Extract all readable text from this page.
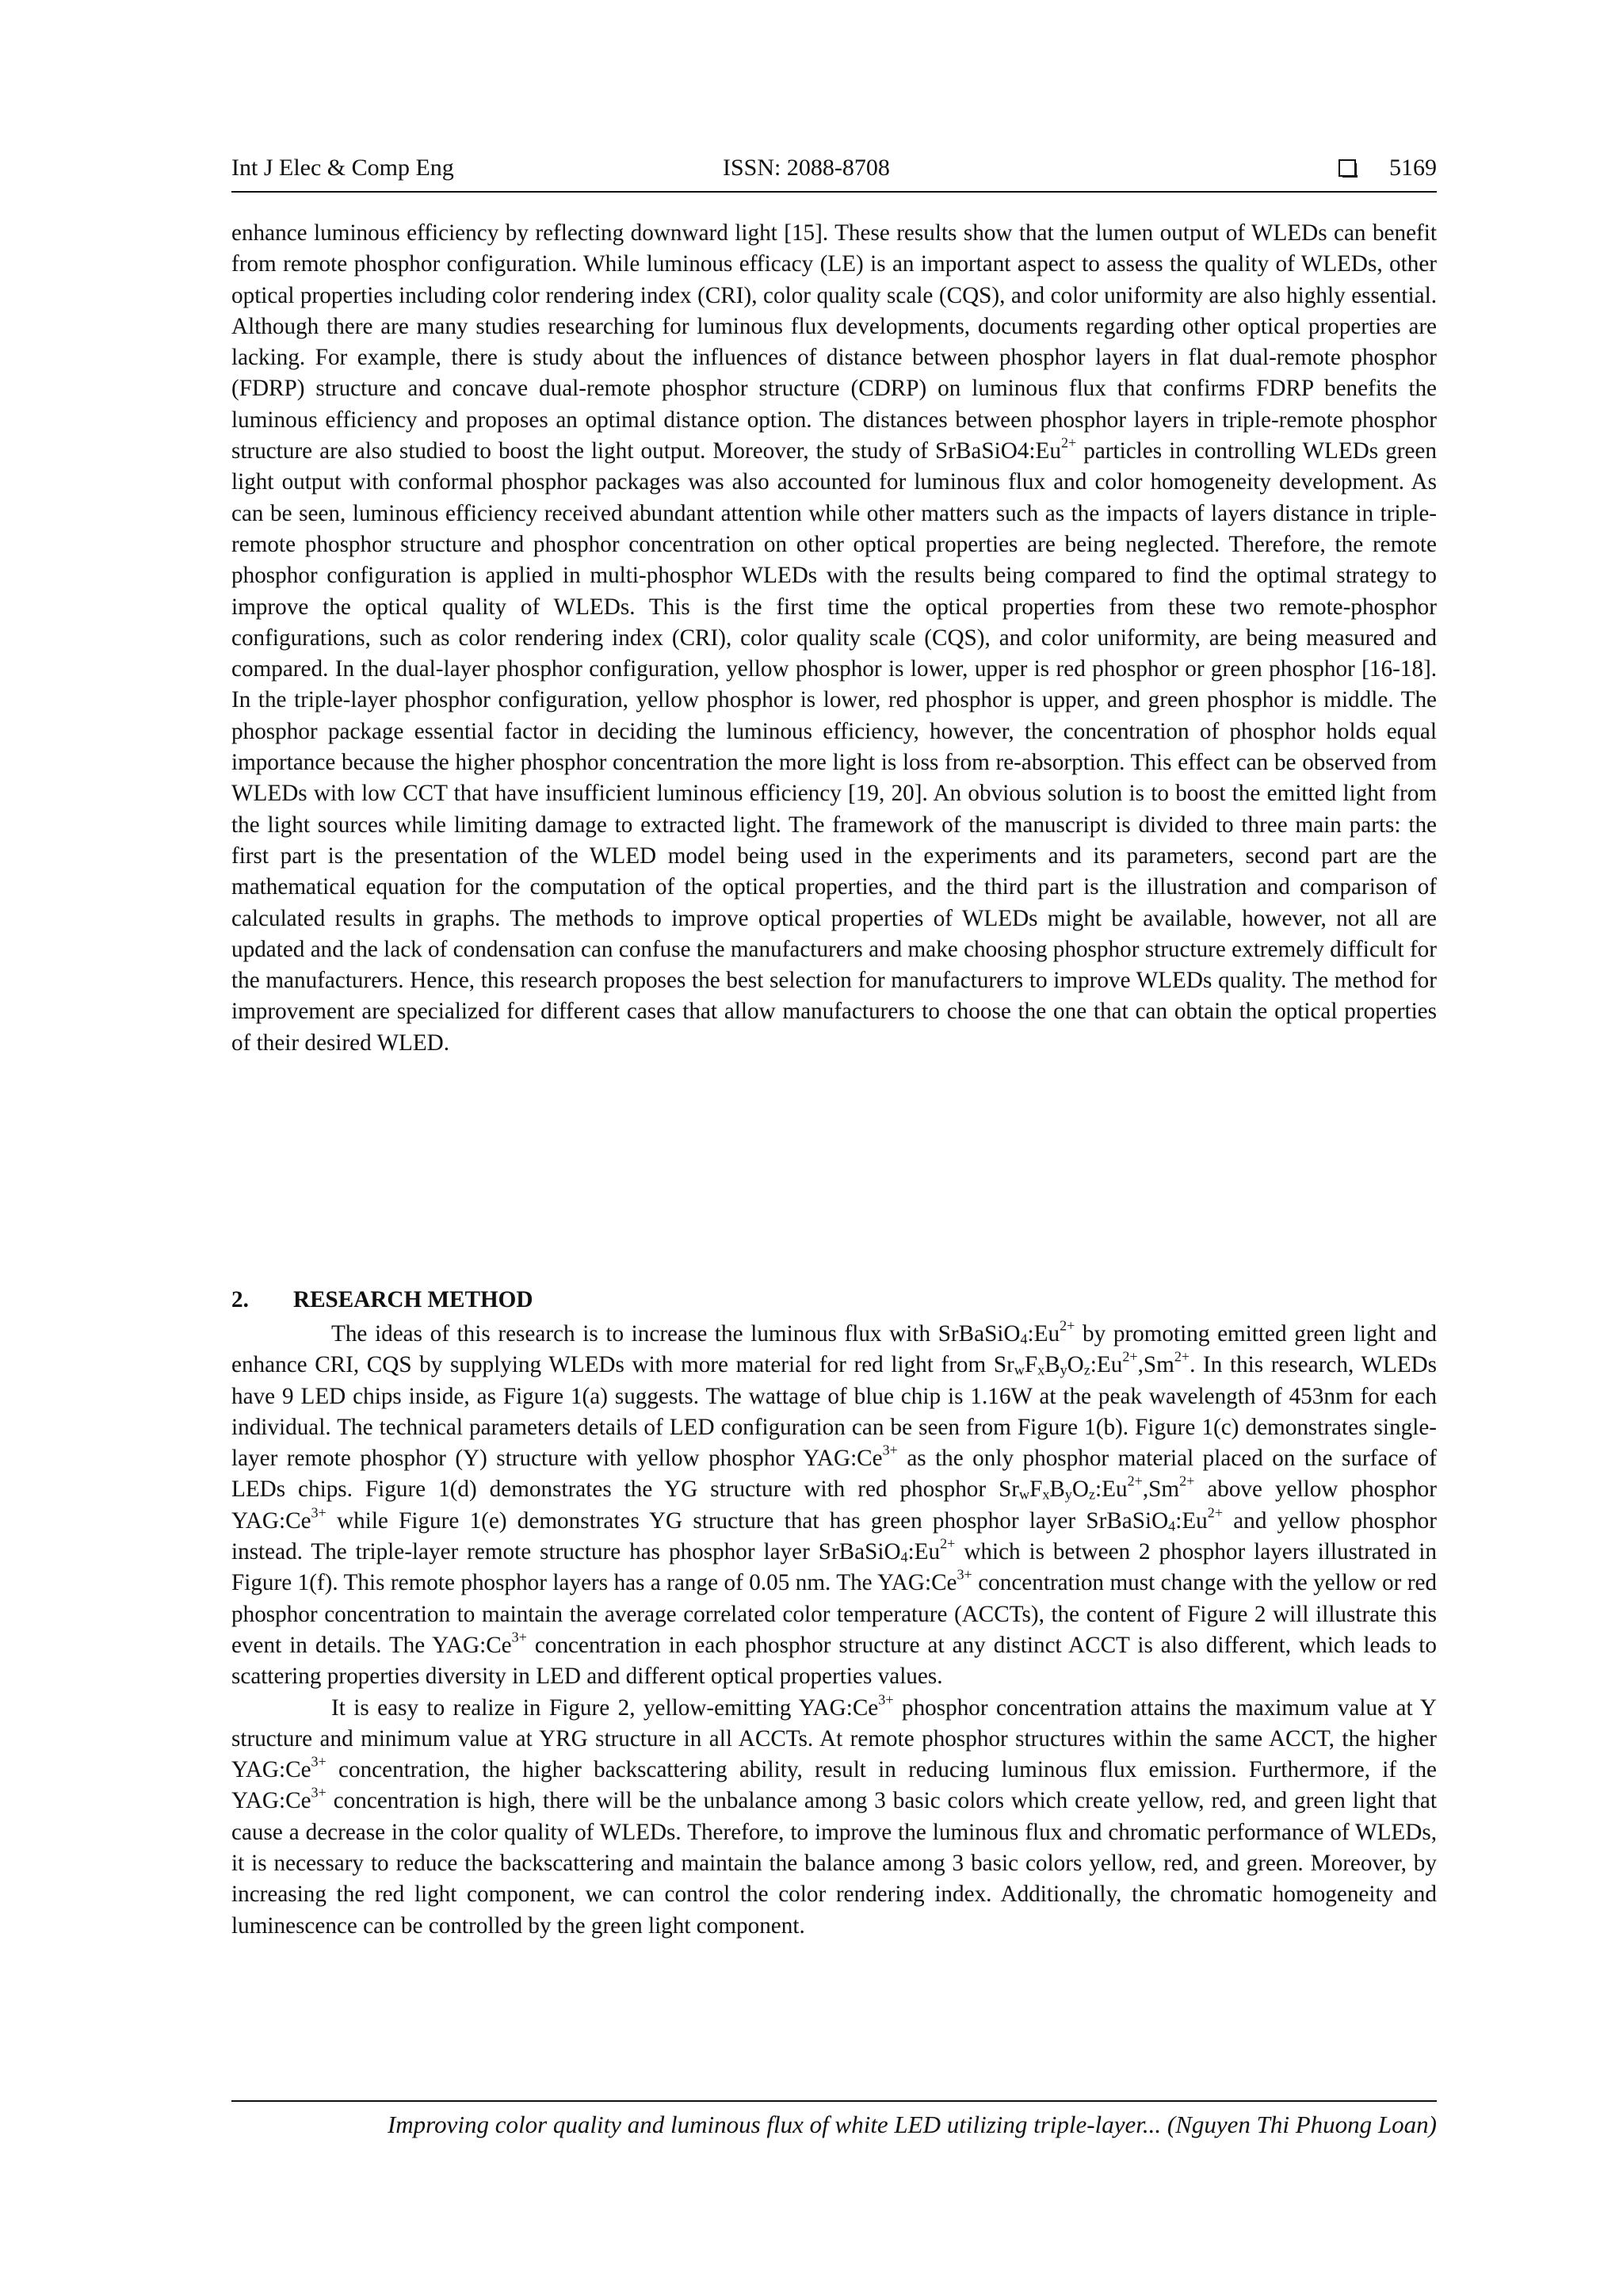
Int J Elec & Comp Eng	ISSN: 2088-8708	5169

enhance luminous efficiency by reflecting downward light [15]. These results show that the lumen output of WLEDs can benefit from remote phosphor configuration. While luminous efficacy (LE) is an important aspect to assess the quality of WLEDs, other optical properties including color rendering index (CRI), color quality scale (CQS), and color uniformity are also highly essential. Although there are many studies researching for luminous flux developments, documents regarding other optical properties are lacking. For example, there is study about the influences of distance between phosphor layers in flat dual-remote phosphor (FDRP) structure and concave dual-remote phosphor structure (CDRP) on luminous flux that confirms FDRP benefits the luminous efficiency and proposes an optimal distance option. The distances between phosphor layers in triple-remote phosphor structure are also studied to boost the light output. Moreover, the study of $SrBaSiO4:Eu^{2+}$ particles in controlling WLEDs green light output with conformal phosphor packages was also accounted for luminous flux and color homogeneity development. As can be seen, luminous efficiency received abundant attention while other matters such as the impacts of layers distance in triple-remote phosphor structure and phosphor concentration on other optical properties are being neglected. Therefore, the remote phosphor configuration is applied in multi-phosphor WLEDs with the results being compared to find the optimal strategy to improve the optical quality of WLEDs. This is the first time the optical properties from these two remote-phosphor configurations, such as color rendering index (CRI), color quality scale (CQS), and color uniformity, are being measured and compared. In the dual-layer phosphor configuration, yellow phosphor is lower, upper is red phosphor or green phosphor [16-18]. In the triple-layer phosphor configuration, yellow phosphor is lower, red phosphor is upper, and green phosphor is middle. The phosphor package essential factor in deciding the luminous efficiency, however, the concentration of phosphor holds equal importance because the higher phosphor concentration the more light is loss from re-absorption. This effect can be observed from WLEDs with low CCT that have insufficient luminous efficiency [19, 20]. An obvious solution is to boost the emitted light from the light sources while limiting damage to extracted light. The framework of the manuscript is divided to three main parts: the first part is the presentation of the WLED model being used in the experiments and its parameters, second part are the mathematical equation for the computation of the optical properties, and the third part is the illustration and comparison of calculated results in graphs. The methods to improve optical properties of WLEDs might be available, however, not all are updated and the lack of condensation can confuse the manufacturers and make choosing phosphor structure extremely difficult for the manufacturers. Hence, this research proposes the best selection for manufacturers to improve WLEDs quality. The method for improvement are specialized for different cases that allow manufacturers to choose the one that can obtain the optical properties of their desired WLED.

2. RESEARCH METHOD

The ideas of this research is to increase the luminous flux with $SrBaSiO_4:Eu^{2+}$ by promoting emitted green light and enhance CRI, CQS by supplying WLEDs with more material for red light from $Sr_wF_xB_yO_z:Eu^{2+},Sm^{2+}$. In this research, WLEDs have 9 LED chips inside, as Figure 1(a) suggests. The wattage of blue chip is 1.16W at the peak wavelength of 453nm for each individual. The technical parameters details of LED configuration can be seen from Figure 1(b). Figure 1(c) demonstrates single-layer remote phosphor (Y) structure with yellow phosphor $YAG:Ce^{3+}$ as the only phosphor material placed on the surface of LEDs chips. Figure 1(d) demonstrates the YG structure with red phosphor $Sr_wF_xB_yO_z:Eu^{2+},Sm^{2+}$ above yellow phosphor $YAG:Ce^{3+}$ while Figure 1(e) demonstrates YG structure that has green phosphor layer $SrBaSiO_4:Eu^{2+}$ and yellow phosphor instead. The triple-layer remote structure has phosphor layer $SrBaSiO_4:Eu^{2+}$ which is between 2 phosphor layers illustrated in Figure 1(f). This remote phosphor layers has a range of 0.05 nm. The $YAG:Ce^{3+}$ concentration must change with the yellow or red phosphor concentration to maintain the average correlated color temperature (ACCTs), the content of Figure 2 will illustrate this event in details. The $YAG:Ce^{3+}$ concentration in each phosphor structure at any distinct ACCT is also different, which leads to scattering properties diversity in LED and different optical properties values.

It is easy to realize in Figure 2, yellow-emitting $YAG:Ce^{3+}$ phosphor concentration attains the maximum value at Y structure and minimum value at YRG structure in all ACCTs. At remote phosphor structures within the same ACCT, the higher $YAG:Ce^{3+}$ concentration, the higher backscattering ability, result in reducing luminous flux emission. Furthermore, if the $YAG:Ce^{3+}$ concentration is high, there will be the unbalance among 3 basic colors which create yellow, red, and green light that cause a decrease in the color quality of WLEDs. Therefore, to improve the luminous flux and chromatic performance of WLEDs, it is necessary to reduce the backscattering and maintain the balance among 3 basic colors yellow, red, and green. Moreover, by increasing the red light component, we can control the color rendering index. Additionally, the chromatic homogeneity and luminescence can be controlled by the green light component.

Improving color quality and luminous flux of white LED utilizing triple-layer... (Nguyen Thi Phuong Loan)
